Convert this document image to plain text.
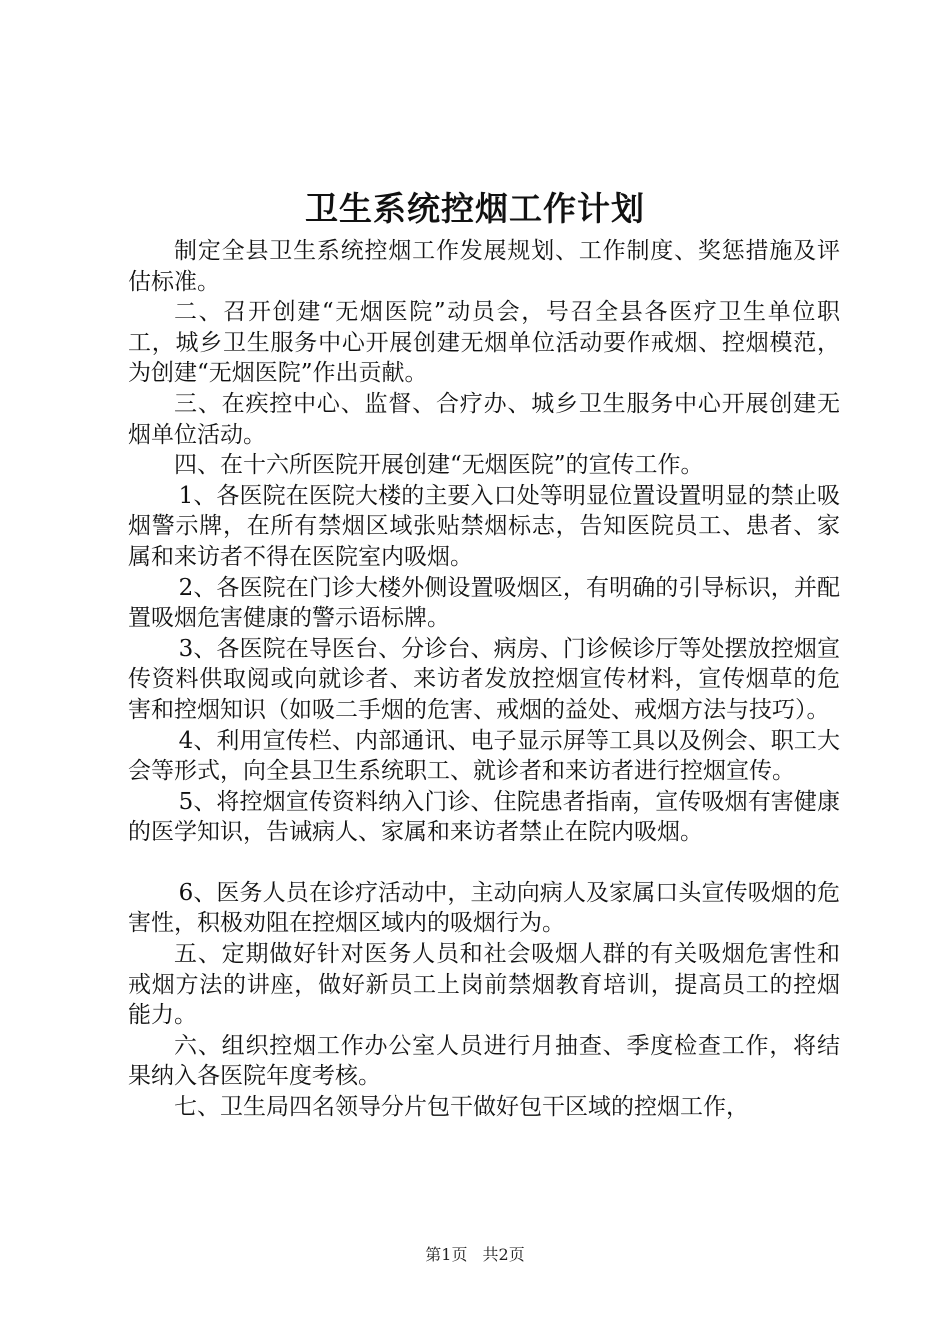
卫生系统控烟工作计划

制定全县卫生系统控烟工作发展规划、工作制度、奖惩措施及评估标准。

二、召开创建“无烟医院”动员会，号召全县各医疗卫生单位职工，城乡卫生服务中心开展创建无烟单位活动要作戒烟、控烟模范，为创建“无烟医院”作出贡献。

三、在疾控中心、监督、合疗办、城乡卫生服务中心开展创建无烟单位活动。

四、在十六所医院开展创建“无烟医院”的宣传工作。

1、各医院在医院大楼的主要入口处等明显位置设置明显的禁止吸烟警示牌，在所有禁烟区域张贴禁烟标志，告知医院员工、患者、家属和来访者不得在医院室内吸烟。

2、各医院在门诊大楼外侧设置吸烟区，有明确的引导标识，并配置吸烟危害健康的警示语标牌。

3、各医院在导医台、分诊台、病房、门诊候诊厅等处摆放控烟宣传资料供取阅或向就诊者、来访者发放控烟宣传材料，宣传烟草的危害和控烟知识（如吸二手烟的危害、戒烟的益处、戒烟方法与技巧）。

4、利用宣传栏、内部通讯、电子显示屏等工具以及例会、职工大会等形式，向全县卫生系统职工、就诊者和来访者进行控烟宣传。

5、将控烟宣传资料纳入门诊、住院患者指南，宣传吸烟有害健康的医学知识，告诫病人、家属和来访者禁止在院内吸烟。

6、医务人员在诊疗活动中，主动向病人及家属口头宣传吸烟的危害性，积极劝阻在控烟区域内的吸烟行为。

五、定期做好针对医务人员和社会吸烟人群的有关吸烟危害性和戒烟方法的讲座，做好新员工上岗前禁烟教育培训，提高员工的控烟能力。

六、组织控烟工作办公室人员进行月抽查、季度检查工作，将结果纳入各医院年度考核。

七、卫生局四名领导分片包干做好包干区域的控烟工作，

第1页 共2页
